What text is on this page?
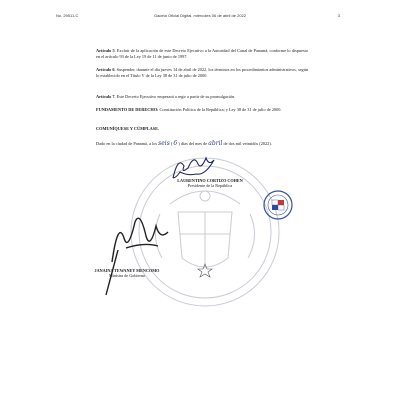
No. 29511-C	Gaceta Oficial Digital, miércoles 06 de abril de 2022	3
Artículo 5. Excluir de la aplicación de este Decreto Ejecutivo a la Autoridad del Canal de Panamá, conforme lo dispuesto en el artículo 93 de la Ley 19 de 11 de junio de 1997.
Artículo 6. Suspender, durante el día jueves 14 de abril de 2022, los términos en los procedimientos administrativos, según lo establecido en el Título V de la Ley 38 de 31 de julio de 2000.
Artículo 7. Este Decreto Ejecutivo empezará a regir a partir de su promulgación.
FUNDAMENTO DE DERECHO: Constitución Política de la República; y Ley 38 de 31 de julio de 2000.
COMUNÍQUESE Y CÚMPLASE.
Dado en la ciudad de Panamá, a los seis ( 6 ) días del mes de abril de dos mil veintidós (2022).
LAURENTINO CORTIZO COHEN
Presidente de la República
JANAINA TEWANEY MENCOMO
Ministra de Gobierno
